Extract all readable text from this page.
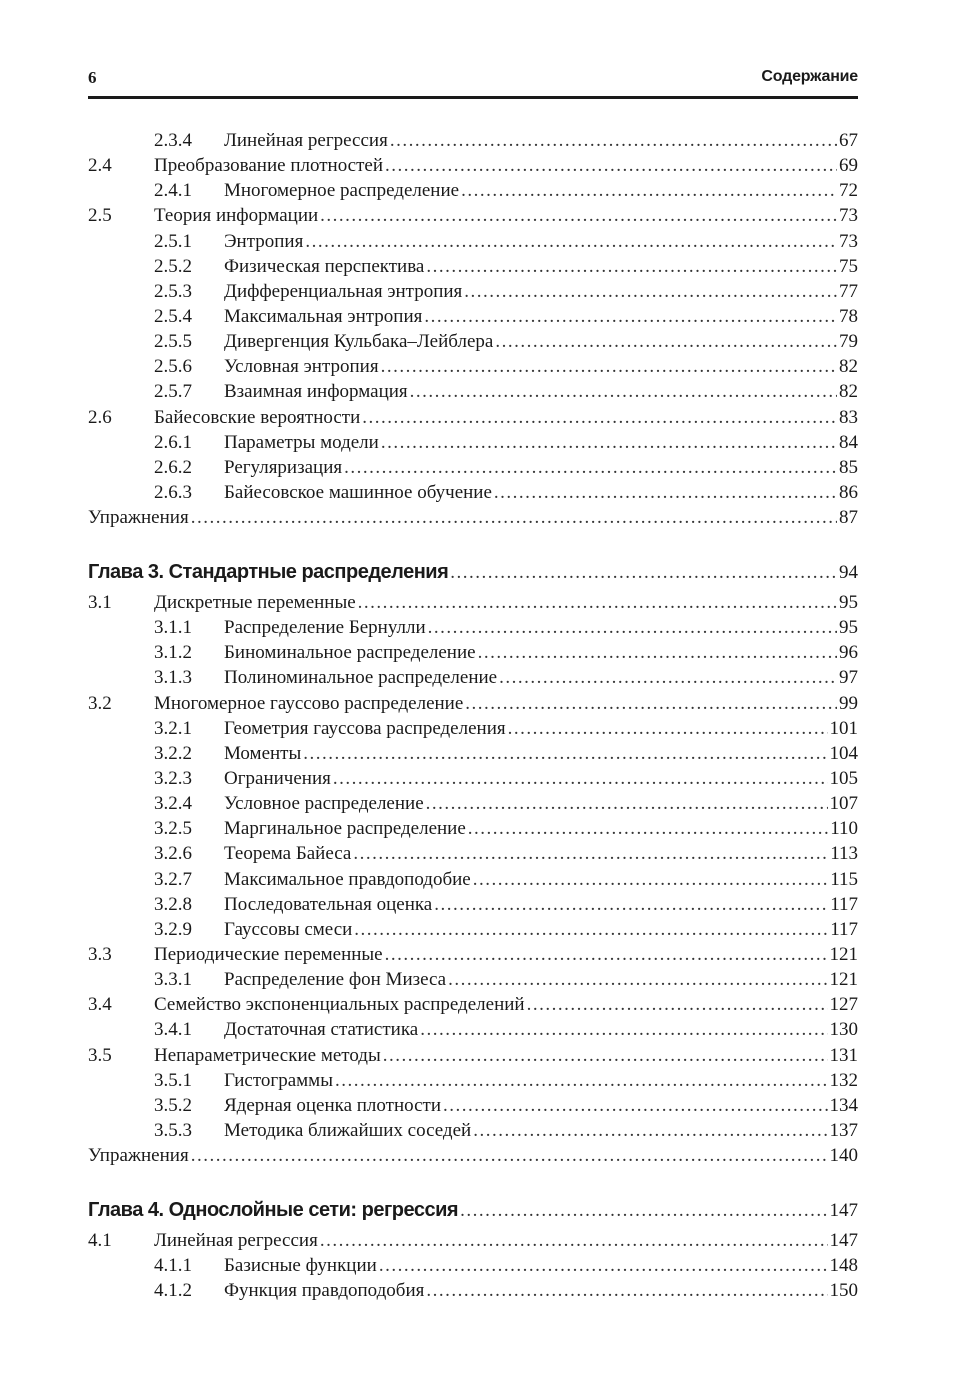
6	Содержание
2.3.4	Линейная регрессия .....	67
2.4	Преобразование плотностей .....	69
2.4.1	Многомерное распределение .....	72
2.5	Теория информации .....	73
2.5.1	Энтропия .....	73
2.5.2	Физическая перспектива .....	75
2.5.3	Дифференциальная энтропия .....	77
2.5.4	Максимальная энтропия .....	78
2.5.5	Дивергенция Кульбака–Лейблера .....	79
2.5.6	Условная энтропия .....	82
2.5.7	Взаимная информация .....	82
2.6	Байесовские вероятности .....	83
2.6.1	Параметры модели .....	84
2.6.2	Регуляризация .....	85
2.6.3	Байесовское машинное обучение .....	86
Упражнения .....	87
Глава 3. Стандартные распределения .....	94
3.1	Дискретные переменные .....	95
3.1.1	Распределение Бернулли .....	95
3.1.2	Биноминальное распределение .....	96
3.1.3	Полиноминальное распределение .....	97
3.2	Многомерное гауссово распределение .....	99
3.2.1	Геометрия гауссова распределения .....	101
3.2.2	Моменты .....	104
3.2.3	Ограничения .....	105
3.2.4	Условное распределение .....	107
3.2.5	Маргинальное распределение .....	110
3.2.6	Теорема Байеса .....	113
3.2.7	Максимальное правдоподобие .....	115
3.2.8	Последовательная оценка .....	117
3.2.9	Гауссовы смеси .....	117
3.3	Периодические переменные .....	121
3.3.1	Распределение фон Мизеса .....	121
3.4	Семейство экспоненциальных распределений .....	127
3.4.1	Достаточная статистика .....	130
3.5	Непараметрические методы .....	131
3.5.1	Гистограммы .....	132
3.5.2	Ядерная оценка плотности .....	134
3.5.3	Методика ближайших соседей .....	137
Упражнения .....	140
Глава 4. Однослойные сети: регрессия .....	147
4.1	Линейная регрессия .....	147
4.1.1	Базисные функции .....	148
4.1.2	Функция правдоподобия .....	150
